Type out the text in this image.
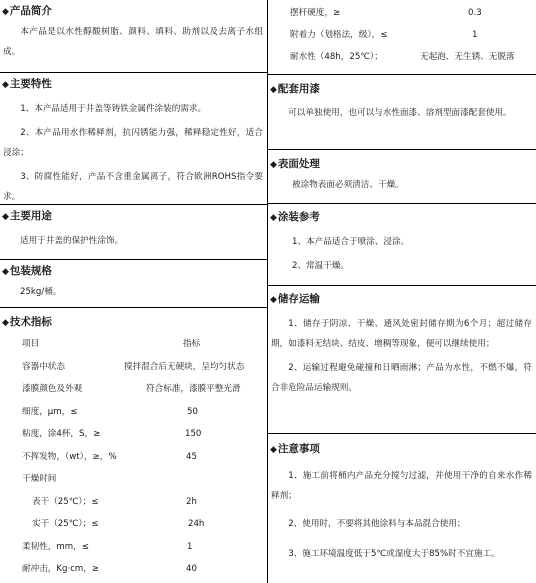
◆产品简介

本产品是以水性醇酸树脂、颜料、填料、助剂以及去离子水组成。

◆主要特性

1、本产品适用于井盖等铸铁金属件涂装的需求。

2、本产品用水作稀释剂，抗闪锈能力强，稀释稳定性好，适合浸涂；

3、防腐性能好，产品不含重金属离子，符合欧洲ROHS指令要求。

◆主要用途

适用于井盖的保护性涂饰。

◆包装规格

25kg/桶。

◆技术指标
项目	指标
容器中状态	搅拌混合后无硬块，呈均匀状态
漆膜颜色及外观	符合标准，漆膜平整光滑
细度，μm，≤	50
粘度，涂4杯，S，≥	150
不挥发物，（wt），≥，%	45
干燥时间
表干（25℃）；≤	2h
实干（25℃）；≤	24h
柔韧性，mm，≤	1
耐冲击，Kg·cm，≥	40
摆杆硬度，≥	0.3
附着力（划格法，级），≤	1
耐水性（48h，25℃）；	无起泡、无生锈、无脱落
◆配套用漆

可以单独使用，也可以与水性面漆、溶剂型面漆配套使用。

◆表面处理

被涂物表面必须清洁、干燥。

◆涂装参考

1、本产品适合于喷涂、浸涂。

2、常温干燥。

◆储存运输

1、储存于阴凉、干燥、通风处密封储存期为6个月；超过储存期，如漆料无结块、结皮、增稠等现象，便可以继续使用；

2、运输过程避免碰撞和日晒雨淋；产品为水性，不燃不爆，符合非危险品运输规则。

◆注意事项

1、施工前将桶内产品充分搅匀过滤，并使用干净的自来水作稀释剂；

2、使用时，不要将其他涂料与本品混合使用；

3、施工环境温度低于5℃或湿度大于85%时不宜施工。
